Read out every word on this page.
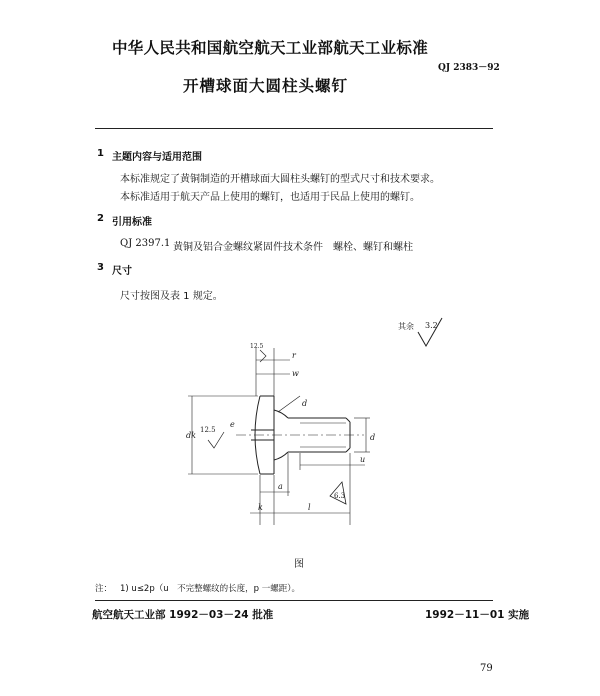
中华人民共和国航空航天工业部航天工业标准
QJ 2383－92
开槽球面大圆柱头螺钉
1 主题内容与适用范围
本标准规定了黄铜制造的开槽球面大圆柱头螺钉的型式尺寸和技术要求。
本标准适用于航天产品上使用的螺钉，也适用于民品上使用的螺钉。
2 引用标准
QJ 2397.1 黄铜及铝合金螺纹紧固件技术条件　螺栓、螺钉和螺柱
3 尺寸
尺寸按图及表 1 规定。
其余 3.2
r
w
e
dk	d
d
u
a
k	l
12.5
12.5
6.3
图
注： 1) u≤2p（u　不完整螺纹的长度，p 一螺距）。
航空航天工业部 1992－03－24 批准	1992－11－01 实施
79
